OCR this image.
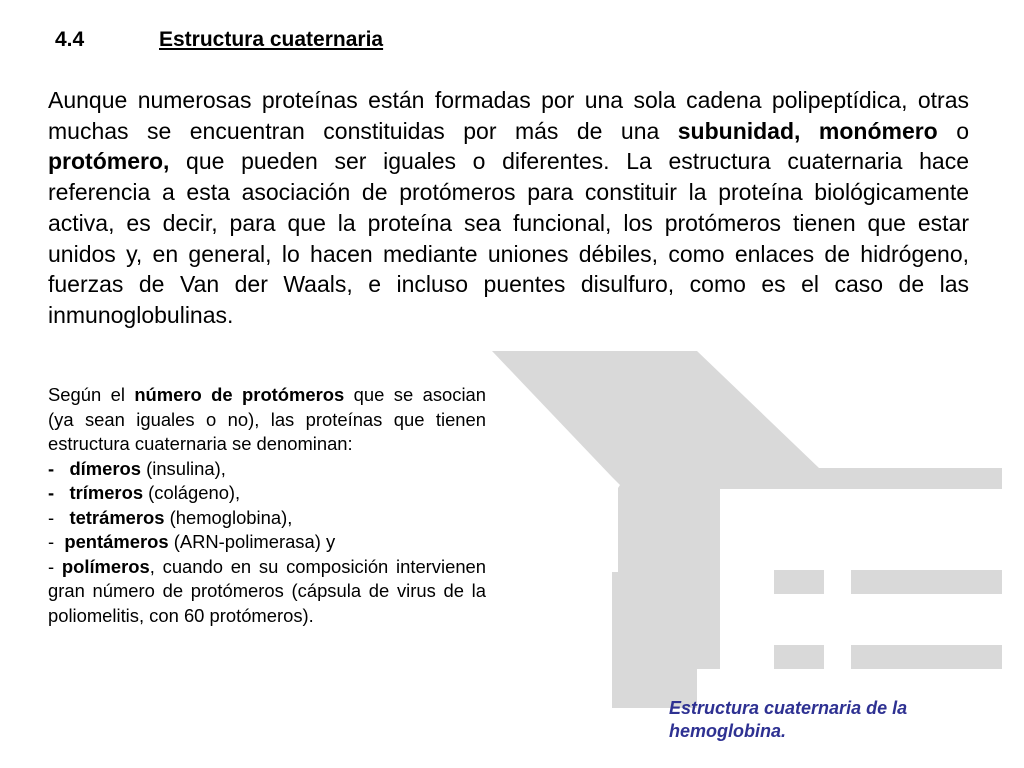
4.4	Estructura cuaternaria
Aunque numerosas proteínas están formadas por una sola cadena polipeptídica, otras muchas se encuentran constituidas por más de una subunidad, monómero o protómero, que pueden ser iguales o diferentes. La estructura cuaternaria hace referencia a esta asociación de protómeros para constituir la proteína biológicamente activa, es decir, para que la proteína sea funcional, los protómeros tienen que estar unidos y, en general, lo hacen mediante uniones débiles, como enlaces de hidrógeno, fuerzas de Van der Waals, e incluso puentes disulfuro, como es el caso de las inmunoglobulinas.

Según el número de protómeros que se asocian (ya sean iguales o no), las proteínas que tienen estructura cuaternaria se denominan:

-   dímeros (insulina),

-   trímeros (colágeno),

-   tetrámeros (hemoglobina),

-  pentámeros (ARN-polimerasa) y

- polímeros, cuando en su composición intervienen gran número de protómeros (cápsula de virus de la poliomelitis, con 60 protómeros).

Estructura cuaternaria de la hemoglobina.
